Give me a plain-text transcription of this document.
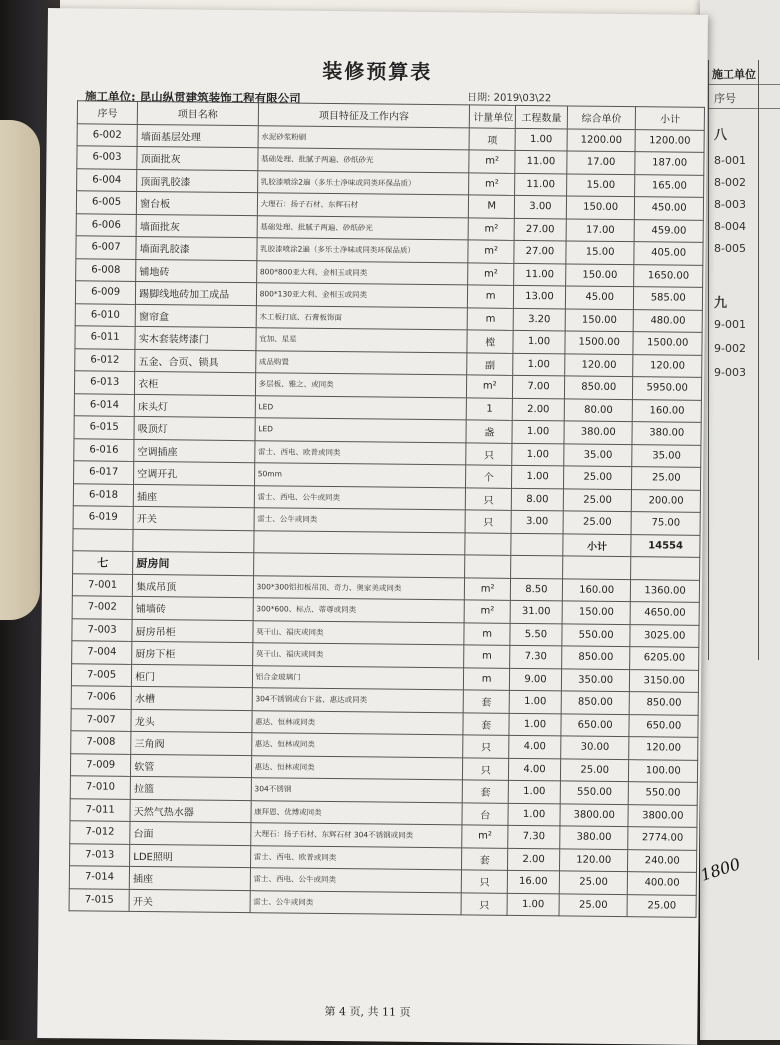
施工单位
序号
八
8-001
8-002
8-003
8-004
8-005
九
9-001
9-002
9-003
装修预算表
施工单位: 昆山纵贯建筑装饰工程有限公司	日期: 2019\03\22
序号	项目名称	项目特征及工作内容	计量单位	工程数量	综合单价	小计
6-002	墙面基层处理	水泥砂浆粉刷	项	1.00	1200.00	1200.00
6-003	顶面批灰	基础处理、批腻子两遍、砂纸砂光	m²	11.00	17.00	187.00
6-004	顶面乳胶漆	乳胶漆喷涂2遍（多乐士净味或同类环保品质）	m²	11.00	15.00	165.00
6-005	窗台板	大理石：扬子石材、东辉石材	M	3.00	150.00	450.00
6-006	墙面批灰	基础处理、批腻子两遍、砂纸砂光	m²	27.00	17.00	459.00
6-007	墙面乳胶漆	乳胶漆喷涂2遍（多乐士净味或同类环保品质）	m²	27.00	15.00	405.00
6-008	铺地砖	800*800亚大利、金相玉或同类	m²	11.00	150.00	1650.00
6-009	踢脚线地砖加工成品	800*130亚大利、金相玉或同类	m	13.00	45.00	585.00
6-010	窗帘盒	木工板打底、石膏板饰面	m	3.20	150.00	480.00
6-011	实木套装烤漆门	宜加、星星	樘	1.00	1500.00	1500.00
6-012	五金、合页、锁具	成品购置	副	1.00	120.00	120.00
6-013	衣柜	多层板、雅之、或同类	m²	7.00	850.00	5950.00
6-014	床头灯	LED	1	2.00	80.00	160.00
6-015	吸顶灯	LED	盏	1.00	380.00	380.00
6-016	空调插座	雷士、西电、欧普或同类	只	1.00	35.00	35.00
6-017	空调开孔	50mm	个	1.00	25.00	25.00
6-018	插座	雷士、西电、公牛或同类	只	8.00	25.00	200.00
6-019	开关	雷士、公牛或同类	只	3.00	25.00	75.00
					小计	14554
七	厨房间					
7-001	集成吊顶	300*300铝扣板吊顶、奇力、奥家美或同类	m²	8.50	160.00	1360.00
7-002	铺墙砖	300*600、标点、蒂尊或同类	m²	31.00	150.00	4650.00
7-003	厨房吊柜	莫干山、福庆或同类	m	5.50	550.00	3025.00
7-004	厨房下柜	莫干山、福庆或同类	m	7.30	850.00	6205.00
7-005	柜门	铝合金玻璃门	m	9.00	350.00	3150.00
7-006	水槽	304不锈钢或台下盆、惠达或同类	套	1.00	850.00	850.00
7-007	龙头	惠达、恒林或同类	套	1.00	650.00	650.00
7-008	三角阀	惠达、恒林或同类	只	4.00	30.00	120.00
7-009	软管	惠达、恒林或同类	只	4.00	25.00	100.00
7-010	拉篮	304不锈钢	套	1.00	550.00	550.00
7-011	天然气热水器	康拜恩、优博或同类	台	1.00	3800.00	3800.00
7-012	台面	大理石：扬子石材、东辉石材 304不锈钢或同类	m²	7.30	380.00	2774.00
7-013	LDE照明	雷士、西电、欧普或同类	套	2.00	120.00	240.00
7-014	插座	雷士、西电、公牛或同类	只	16.00	25.00	400.00
7-015	开关	雷士、公牛或同类	只	1.00	25.00	25.00
第 4 页, 共 11 页
1800
